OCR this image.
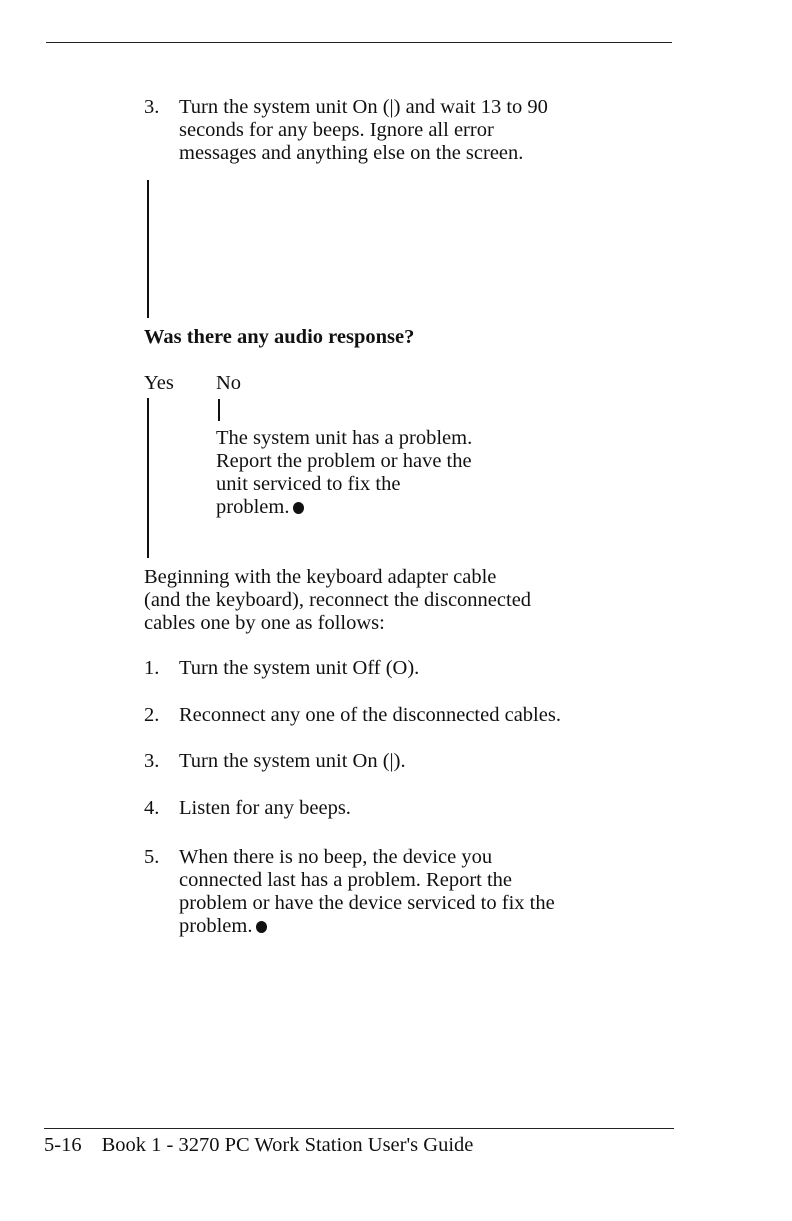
3. Turn the system unit On (|) and wait 13 to 90
seconds for any beeps. Ignore all error
messages and anything else on the screen.
Was there any audio response?
Yes No
The system unit has a problem.
Report the problem or have the
unit serviced to fix the
problem.
Beginning with the keyboard adapter cable
(and the keyboard), reconnect the disconnected
cables one by one as follows:
1. Turn the system unit Off (O).
2. Reconnect any one of the disconnected cables.
3. Turn the system unit On (|).
4. Listen for any beeps.
5. When there is no beep, the device you
connected last has a problem. Report the
problem or have the device serviced to fix the
problem.
5-16 Book 1 - 3270 PC Work Station User's Guide
